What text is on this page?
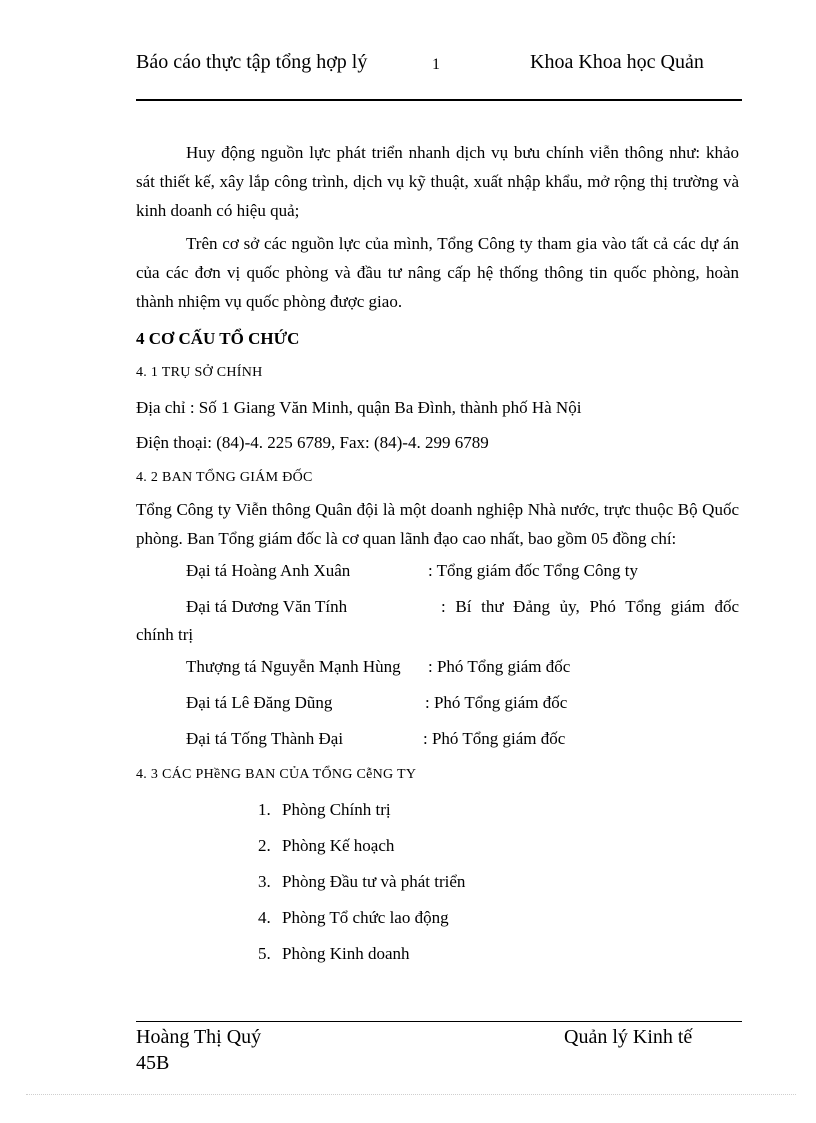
Báo cáo thực tập tổng hợp lý	1	Khoa Khoa học Quản

Huy động nguồn lực phát triển nhanh dịch vụ bưu chính viễn thông như: khảo sát thiết kế, xây lắp công trình, dịch vụ kỹ thuật, xuất nhập khẩu, mở rộng thị trường và kinh doanh có hiệu quả;

Trên cơ sở các nguồn lực của mình, Tổng Công ty tham gia vào tất cả các dự án của các đơn vị quốc phòng và đầu tư nâng cấp hệ thống thông tin quốc phòng, hoàn thành nhiệm vụ quốc phòng được giao.

4 CƠ CẤU TỔ CHỨC

4. 1 TRỤ SỞ CHÍNH

Địa chỉ : Số 1 Giang Văn Minh, quận Ba Đình, thành phố Hà Nội

Điện thoại: (84)-4. 225 6789, Fax: (84)-4. 299 6789

4. 2 BAN TỔNG GIÁM ĐỐC

Tổng Công ty Viễn thông Quân đội là một doanh nghiệp Nhà nước, trực thuộc Bộ Quốc phòng. Ban Tổng giám đốc là cơ quan lãnh đạo cao nhất, bao gồm 05 đồng chí:

Đại tá Hoàng Anh Xuân	: Tổng giám đốc Tổng Công ty
Đại tá Dương Văn Tính	: Bí thư Đảng ủy, Phó Tổng giám đốc
chính trị
Thượng tá Nguyễn Mạnh Hùng : Phó Tổng giám đốc
Đại tá Lê Đăng Dũng	: Phó Tổng giám đốc
Đại tá Tống Thành Đại	: Phó Tổng giám đốc

4. 3 CÁC PHềNG BAN CỦA TỔNG CễNG TY

1. Phòng Chính trị
2. Phòng Kế hoạch
3. Phòng Đầu tư và phát triển
4. Phòng Tổ chức lao động
5. Phòng Kinh doanh
Hoàng Thị Quý 45B
Quản lý Kinh tế
